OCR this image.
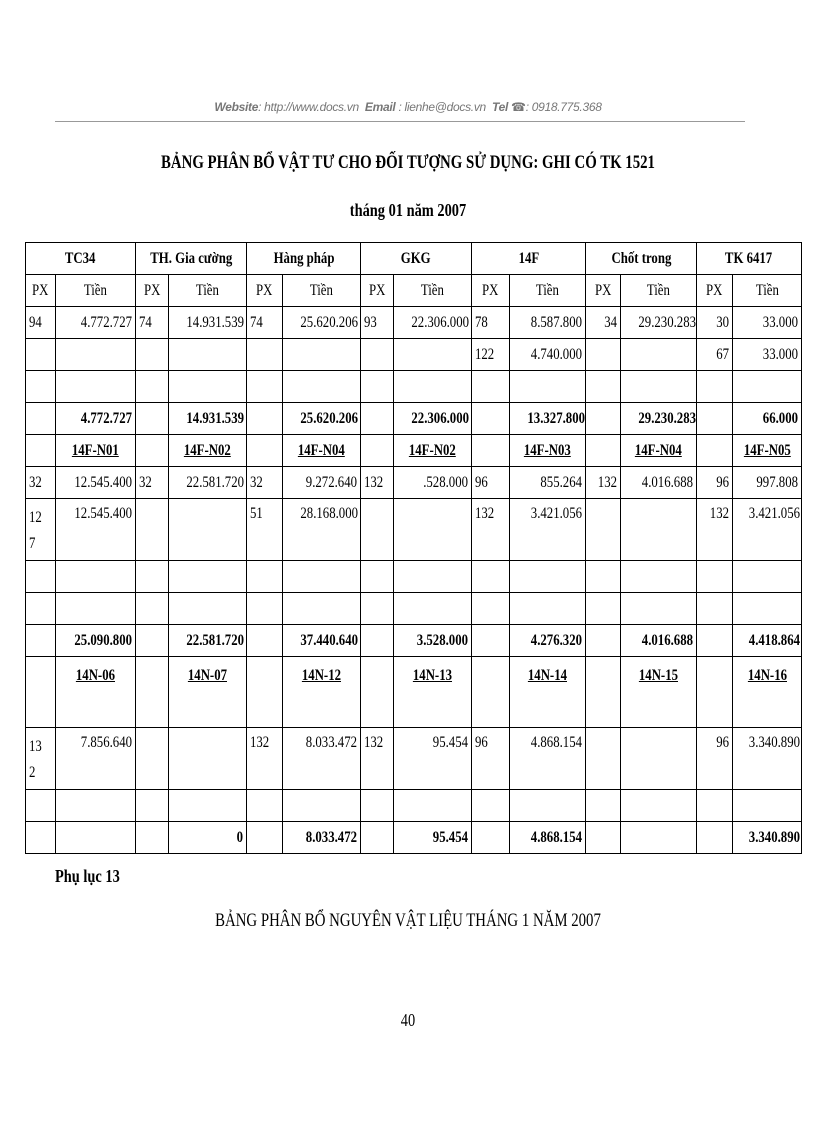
Website: http://www.docs.vn Email : lienhe@docs.vn Tel ☎: 0918.775.368
BẢNG PHÂN BỔ VẬT TƯ CHO ĐỐI TƯỢNG SỬ DỤNG: GHI CÓ TK 1521
tháng 01 năm 2007
TC34		TH. Gia cường		Hàng pháp		GKG		14F		Chốt trong		TK 6417	
PX	Tiền	PX	Tiền	PX	Tiền	PX	Tiền	PX	Tiền	PX	Tiền	PX	Tiền
94	4.772.727	74	14.931.539	74	25.620.206	93	22.306.000	78	8.587.800	34	29.230.283	30	33.000
								122	4.740.000			67	33.000

	4.772.727		14.931.539		25.620.206		22.306.000		13.327.800		29.230.283		66.000
	14F-N01		14F-N02		14F-N04		14F-N02		14F-N03		14F-N04		14F-N05
32	12.545.400	32	22.581.720	32	9.272.640	132	.528.000	96	855.264	132	4.016.688	96	997.808
12 7	12.545.400			51	28.168.000			132	3.421.056			132	3.421.056

	25.090.800		22.581.720		37.440.640		3.528.000		4.276.320		4.016.688		4.418.864
	14N-06		14N-07		14N-12		14N-13		14N-14		14N-15		14N-16
13 2	7.856.640			132	8.033.472	132	95.454	96	4.868.154			96	3.340.890

			0		8.033.472		95.454		4.868.154				3.340.890
Phụ lục 13
BẢNG PHÂN BỔ NGUYÊN VẬT LIỆU THÁNG 1 NĂM 2007
40
